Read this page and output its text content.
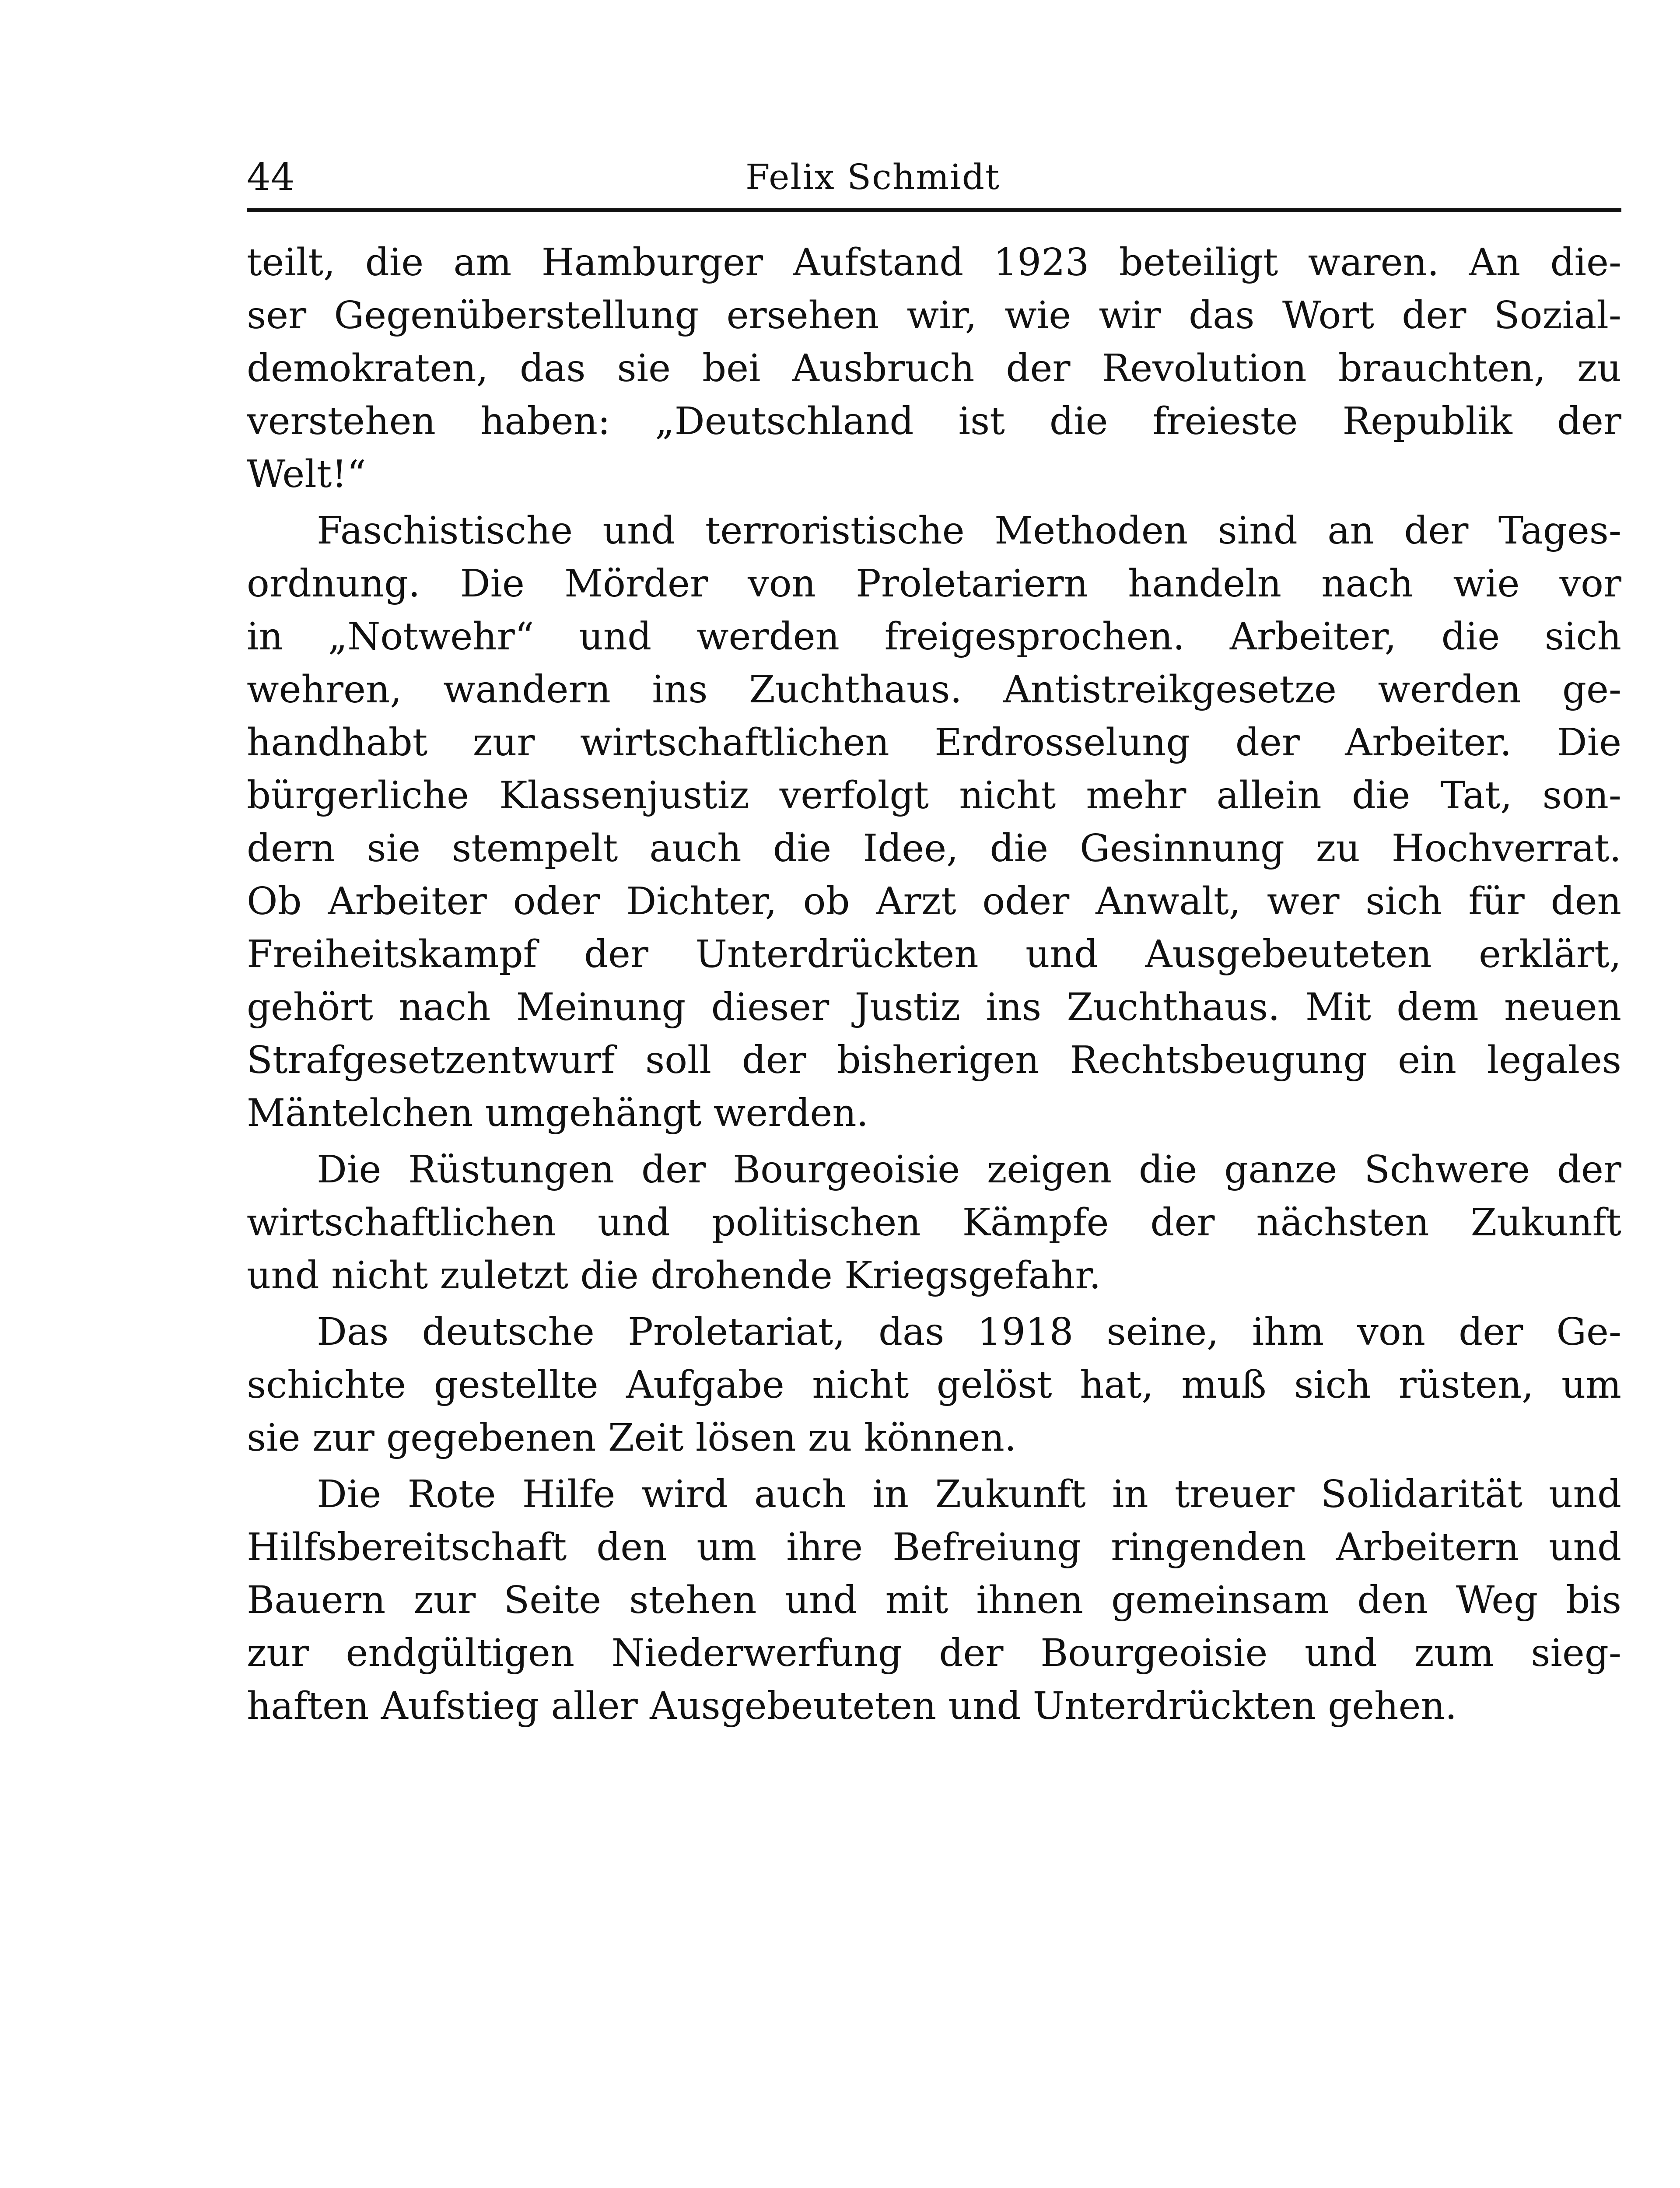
44	Felix Schmidt
teilt, die am Hamburger Aufstand 1923 beteiligt waren. An die-
ser Gegenüberstellung ersehen wir, wie wir das Wort der Sozial-
demokraten, das sie bei Ausbruch der Revolution brauchten, zu
verstehen haben: „Deutschland ist die freieste Republik der
Welt!“
Faschistische und terroristische Methoden sind an der Tages-
ordnung. Die Mörder von Proletariern handeln nach wie vor
in „Notwehr“ und werden freigesprochen. Arbeiter, die sich
wehren, wandern ins Zuchthaus. Antistreikgesetze werden ge-
handhabt zur wirtschaftlichen Erdrosselung der Arbeiter. Die
bürgerliche Klassenjustiz verfolgt nicht mehr allein die Tat, son-
dern sie stempelt auch die Idee, die Gesinnung zu Hochverrat.
Ob Arbeiter oder Dichter, ob Arzt oder Anwalt, wer sich für den
Freiheitskampf der Unterdrückten und Ausgebeuteten erklärt,
gehört nach Meinung dieser Justiz ins Zuchthaus. Mit dem neuen
Strafgesetzentwurf soll der bisherigen Rechtsbeugung ein legales
Mäntelchen umgehängt werden.
Die Rüstungen der Bourgeoisie zeigen die ganze Schwere der
wirtschaftlichen und politischen Kämpfe der nächsten Zukunft
und nicht zuletzt die drohende Kriegsgefahr.
Das deutsche Proletariat, das 1918 seine, ihm von der Ge-
schichte gestellte Aufgabe nicht gelöst hat, muß sich rüsten, um
sie zur gegebenen Zeit lösen zu können.
Die Rote Hilfe wird auch in Zukunft in treuer Solidarität und
Hilfsbereitschaft den um ihre Befreiung ringenden Arbeitern und
Bauern zur Seite stehen und mit ihnen gemeinsam den Weg bis
zur endgültigen Niederwerfung der Bourgeoisie und zum sieg-
haften Aufstieg aller Ausgebeuteten und Unterdrückten gehen.
